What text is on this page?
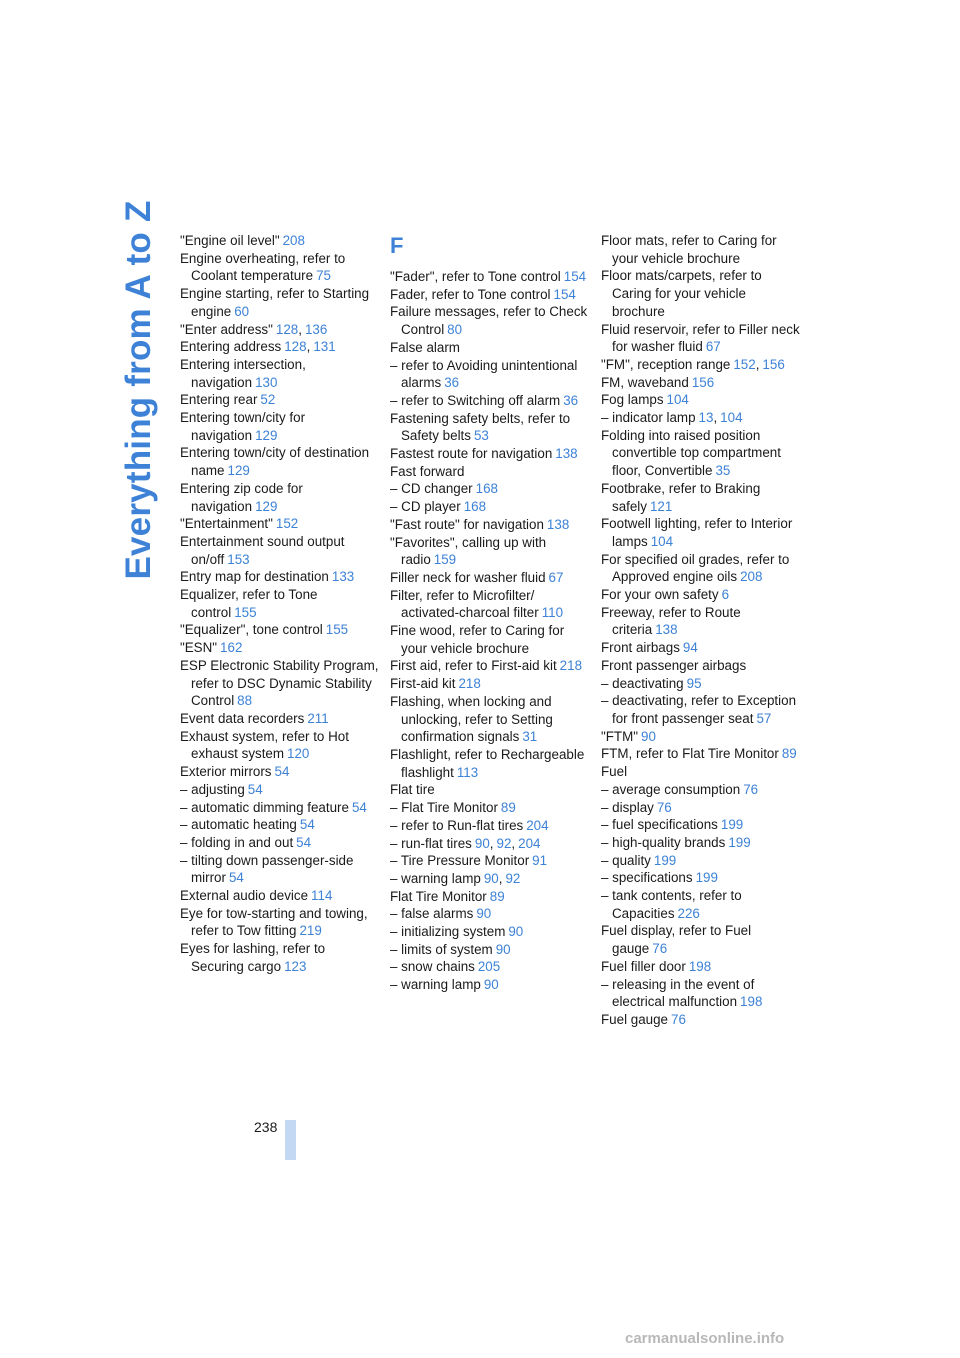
Everything from A to Z "Engine oil level" 208
Engine overheating, refer to Coolant temperature 75
Engine starting, refer to Starting engine 60
"Enter address" 128, 136
Entering address 128, 131
Entering intersection, navigation 130
Entering rear 52
Entering town/city for navigation 129
Entering town/city of destination name 129
Entering zip code for navigation 129
"Entertainment" 152
Entertainment sound output on/off 153
Entry map for destination 133
Equalizer, refer to Tone control 155
"Equalizer", tone control 155
"ESN" 162
ESP Electronic Stability Program, refer to DSC Dynamic Stability Control 88
Event data recorders 211
Exhaust system, refer to Hot exhaust system 120
Exterior mirrors 54
– adjusting 54
– automatic dimming feature 54
– automatic heating 54
– folding in and out 54
– tilting down passenger-side mirror 54
External audio device 114
Eye for tow-starting and towing, refer to Tow fitting 219
Eyes for lashing, refer to Securing cargo 123
F
"Fader", refer to Tone control 154
Fader, refer to Tone control 154
Failure messages, refer to Check Control 80
False alarm
– refer to Avoiding unintentional alarms 36
– refer to Switching off alarm 36
Fastening safety belts, refer to Safety belts 53
Fastest route for navigation 138
Fast forward
– CD changer 168
– CD player 168
"Fast route" for navigation 138
"Favorites", calling up with radio 159
Filler neck for washer fluid 67
Filter, refer to Microfilter/ activated-charcoal filter 110
Fine wood, refer to Caring for your vehicle brochure
First aid, refer to First-aid kit 218
First-aid kit 218
Flashing, when locking and unlocking, refer to Setting confirmation signals 31
Flashlight, refer to Rechargeable flashlight 113
Flat tire
– Flat Tire Monitor 89
– refer to Run-flat tires 204
– run-flat tires 90, 92, 204
– Tire Pressure Monitor 91
– warning lamp 90, 92
Flat Tire Monitor 89
– false alarms 90
– initializing system 90
– limits of system 90
– snow chains 205
– warning lamp 90
Floor mats, refer to Caring for your vehicle brochure
Floor mats/carpets, refer to Caring for your vehicle brochure
Fluid reservoir, refer to Filler neck for washer fluid 67
"FM", reception range 152, 156
FM, waveband 156
Fog lamps 104
– indicator lamp 13, 104
Folding into raised position convertible top compartment floor, Convertible 35
Footbrake, refer to Braking safely 121
Footwell lighting, refer to Interior lamps 104
For specified oil grades, refer to Approved engine oils 208
For your own safety 6
Freeway, refer to Route criteria 138
Front airbags 94
Front passenger airbags
– deactivating 95
– deactivating, refer to Exception for front passenger seat 57
"FTM" 90
FTM, refer to Flat Tire Monitor 89
Fuel
– average consumption 76
– display 76
– fuel specifications 199
– high-quality brands 199
– quality 199
– specifications 199
– tank contents, refer to Capacities 226
Fuel display, refer to Fuel gauge 76
Fuel filler door 198
– releasing in the event of electrical malfunction 198
Fuel gauge 76
238
carmanualsonline.info
